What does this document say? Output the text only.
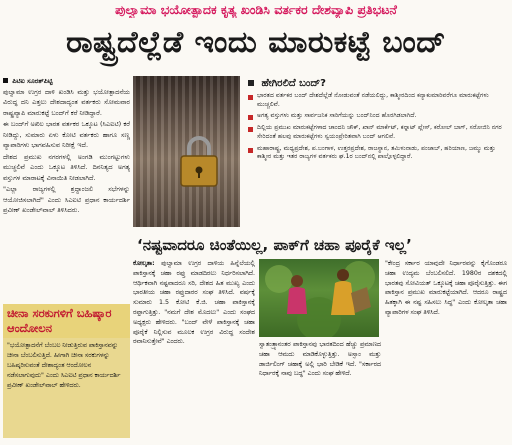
ಪುಲ್ವಾಮಾ ಭಯೋತ್ಪಾದಕ ಕೃತ್ಯ ಖಂಡಿಸಿ ವರ್ತಕರ ದೇಶವ್ಯಾಪಿ ಪ್ರತಿಭಟನೆ
ರಾಷ್ಟ್ರದೆಲ್ಲೆಡೆ ಇಂದು ಮಾರುಕಟ್ಟೆ ಬಂದ್
ಪಿಟಿಐ ಸೂರತ್‌ಪಿಟ್ಟಿ

ಪುಲ್ವಾಮಾ ಉಗ್ರರ ದಾಳಿ ಖಂಡಿಸಿ ಮತ್ತು ಭಯೋತ್ಪಾದನೆಯ ವಿರುದ್ಧ ದನಿ ಎತ್ತಲು ದೇಶದಾದ್ಯಂತ ವರ್ತಕರು ಸೋಮವಾರ ರಾಷ್ಟ್ರವ್ಯಾಪಿ ಮಾರುಕಟ್ಟೆ ಬಂದ್‌ಗೆ ಕರೆ ನೀಡಿದ್ದಾರೆ.

ಈ ಬಂದ್‌ಗೆ ಅಖಿಲ ಭಾರತ ವರ್ತಕರ ಒಕ್ಕೂಟ (ಸಿಎಐಟಿ) ಕರೆ ನೀಡಿದ್ದು, ಸುಮಾರು ಏಳು ಕೋಟಿ ವರ್ತಕರು ಹಾಗೂ ಸಣ್ಣ ವ್ಯಾಪಾರಿಗಳು ಭಾಗವಹಿಸುವ ನಿರೀಕ್ಷೆ ಇದೆ.

ದೇಶದ ಪ್ರಮುಖ ನಗರಗಳಲ್ಲಿ ಅಂಗಡಿ ಮುಂಗಟ್ಟುಗಳು ಮುಚ್ಚಲಿವೆ ಎಂದು ಒಕ್ಕೂಟ ತಿಳಿಸಿದೆ. ದಿನನಿತ್ಯದ ಅಗತ್ಯ ವಸ್ತುಗಳ ಮಾರಾಟಕ್ಕೆ ವಿನಾಯಿತಿ ನೀಡಲಾಗಿದೆ.

"ಎಲ್ಲಾ ರಾಜ್ಯಗಳಲ್ಲಿ ಶ್ರದ್ಧಾಂಜಲಿ ಸಭೆಗಳನ್ನು ಆಯೋಜಿಸಲಾಗಿದೆ" ಎಂದು ಸಿಎಐಟಿ ಪ್ರಧಾನ ಕಾರ್ಯದರ್ಶಿ ಪ್ರವೀಣ್ ಖಂಡೇಲ್‌ವಾಲ್ ತಿಳಿಸಿದರು.

ಹೇಗಿರಲಿದೆ ಬಂದ್?
ಭಾರತದ ವರ್ತಕರ ಬಂದ್ ದೇಶದೆಲ್ಲೆಡೆ ನೋಡುವಂತೆ ನಡೆಯಲಿದ್ದು, ಕಾಶ್ಮೀರದಿಂದ ಕನ್ಯಾಕುಮಾರಿವರೆಗೂ ಮಾರುಕಟ್ಟೆಗಳು ಮುಚ್ಚಲಿವೆ.
ಅಗತ್ಯ ವಸ್ತುಗಳು ಮತ್ತು ಸಾರ್ವಜನಿಕ ಸಾರಿಗೆಯನ್ನು ಬಂದ್‌ನಿಂದ ಹೊರಗಿಡಲಾಗಿದೆ.
ದಿಲ್ಲಿಯ ಪ್ರಮುಖ ಮಾರುಕಟ್ಟೆಗಳಾದ ಚಾಂದನಿ ಚೌಕ್, ಖಾನ್ ಮಾರ್ಕೆಟ್, ಕನ್ನಾಟ್ ಪ್ಲೇಸ್, ಕರೋಲ್ ಬಾಗ್, ಸರೋಜಿನಿ ನಗರ ಸೇರಿದಂತೆ ಹಲವು ಮಾರುಕಟ್ಟೆಗಳು ಸ್ವಯಂಪ್ರೇರಿತವಾಗಿ ಬಂದ್ ಆಗಲಿವೆ.
ಮಹಾರಾಷ್ಟ್ರ, ಮಧ್ಯಪ್ರದೇಶ, ಪ.ಬಂಗಾಳ, ಉತ್ತರಪ್ರದೇಶ, ರಾಜಸ್ಥಾನ, ತಮಿಳುನಾಡು, ಪಂಜಾಬ್, ಹರಿಯಾಣ, ಜಮ್ಮು ಮತ್ತು ಕಾಶ್ಮೀರ ಮತ್ತು ಇತರ ರಾಜ್ಯಗಳ ವರ್ತಕರು ಘ.1ರ ಬಂದ್‌ನಲ್ಲಿ ಪಾಲ್ಗೊಳ್ಳಲಿದ್ದಾರೆ.
ಚೀನಾ ಸರಕುಗಳಿಗೆ ಬಹಿಷ್ಕಾರ ಆಂದೋಲನ
"ಭಯೋತ್ಪಾದನೆಗೆ ಬೆಂಬಲ ನೀಡುತ್ತಿರುವ ಪಾಕಿಸ್ತಾನವನ್ನು ಚೀನಾ ಬೆಂಬಲಿಸುತ್ತಿದೆ. ಹೀಗಾಗಿ ಚೀನಾ ಸರಕುಗಳನ್ನು ಬಹಿಷ್ಕರಿಸುವಂತೆ ದೇಶಾದ್ಯಂತ ಆಂದೋಲನ ನಡೆಸಲಾಗುವುದು" ಎಂದು ಸಿಎಐಟಿ ಪ್ರಧಾನ ಕಾರ್ಯದರ್ಶಿ ಪ್ರವೀಣ್ ಖಂಡೇಲ್‌ವಾಲ್ ಹೇಳಿದರು.
‘ನಷ್ಟವಾದರೂ ಚಿಂತೆಯಿಲ್ಲ, ಪಾಕ್‌ಗೆ ಚಹಾ ಪೂರೈಕೆ ಇಲ್ಲ’
ಕೋಲ್ಕತಾ: ಪುಲ್ವಾಮಾ ಉಗ್ರರ ದಾಳಿಯ ಹಿನ್ನೆಲೆಯಲ್ಲಿ ಪಾಕಿಸ್ತಾನಕ್ಕೆ ಚಹಾ ರಫ್ತು ಮಾಡದಿರಲು ನಿರ್ಧರಿಸಲಾಗಿದೆ. ಆರ್ಥಿಕವಾಗಿ ನಷ್ಟವಾದರೂ ಸರಿ, ದೇಶದ ಹಿತ ಮುಖ್ಯ ಎಂದು ಭಾರತೀಯ ಚಹಾ ರಫ್ತುದಾರರ ಸಂಘ ತಿಳಿಸಿದೆ. ವರ್ಷಕ್ಕೆ ಸುಮಾರು 1.5 ಕೋಟಿ ಕೆ.ಜಿ. ಚಹಾ ಪಾಕಿಸ್ತಾನಕ್ಕೆ ರಫ್ತಾಗುತ್ತಿತ್ತು. "ನಮಗೆ ದೇಶ ಮೊದಲು" ಎಂದು ಸಂಘದ ಅಧ್ಯಕ್ಷರು ಹೇಳಿದರು. "ಬಂದ್ ವೇಳೆ ಪಾಕಿಸ್ತಾನಕ್ಕೆ ಚಹಾ ಪೂರೈಕೆ ನಿಲ್ಲಿಸುವ ಮೂಲಕ ಉಗ್ರರ ವಿರುದ್ಧ ಸಂದೇಶ ರವಾನಿಸುತ್ತೇವೆ" ಎಂದರು.	ಸ್ವಾತಂತ್ರ್ಯಾನಂತರ ಪಾಕಿಸ್ತಾನವು ಭಾರತದಿಂದ ಹೆಚ್ಚು ಪ್ರಮಾಣದ ಚಹಾ ಆಮದು ಮಾಡಿಕೊಳ್ಳುತ್ತಿತ್ತು. ಅಸ್ಸಾಂ ಮತ್ತು ಡಾರ್ಜಿಲಿಂಗ್ ಚಹಾಕ್ಕೆ ಅಲ್ಲಿ ಭಾರಿ ಬೇಡಿಕೆ ಇದೆ. "ಸರ್ಕಾರದ ನಿರ್ಧಾರಕ್ಕೆ ನಾವು ಬದ್ಧ" ಎಂದು ಸಂಘ ಹೇಳಿದೆ.
"ಕೇಂದ್ರ ಸರ್ಕಾರ ಯಾವುದೇ ನಿರ್ಧಾರವನ್ನು ಕೈಗೊಂಡರೂ ಚಹಾ ಉದ್ಯಮ ಬೆಂಬಲಿಸಲಿದೆ. 1980ರ ದಶಕದಲ್ಲಿ ಭಾರತವು ಸೋವಿಯತ್ ಒಕ್ಕೂಟಕ್ಕೆ ಚಹಾ ಪೂರೈಸುತ್ತಿತ್ತು. ಈಗ ಪಾಕಿಸ್ತಾನ ಪ್ರಮುಖ ಮಾರುಕಟ್ಟೆಯಾಗಿದೆ. ಆದರೂ ರಾಷ್ಟ್ರದ ಹಿತಕ್ಕಾಗಿ ಈ ನಷ್ಟ ಸಹಿಸಲು ಸಿದ್ಧ" ಎಂದು ಕೋಲ್ಕತಾ ಚಹಾ ವ್ಯಾಪಾರಿಗಳ ಸಂಘ ತಿಳಿಸಿದೆ.
